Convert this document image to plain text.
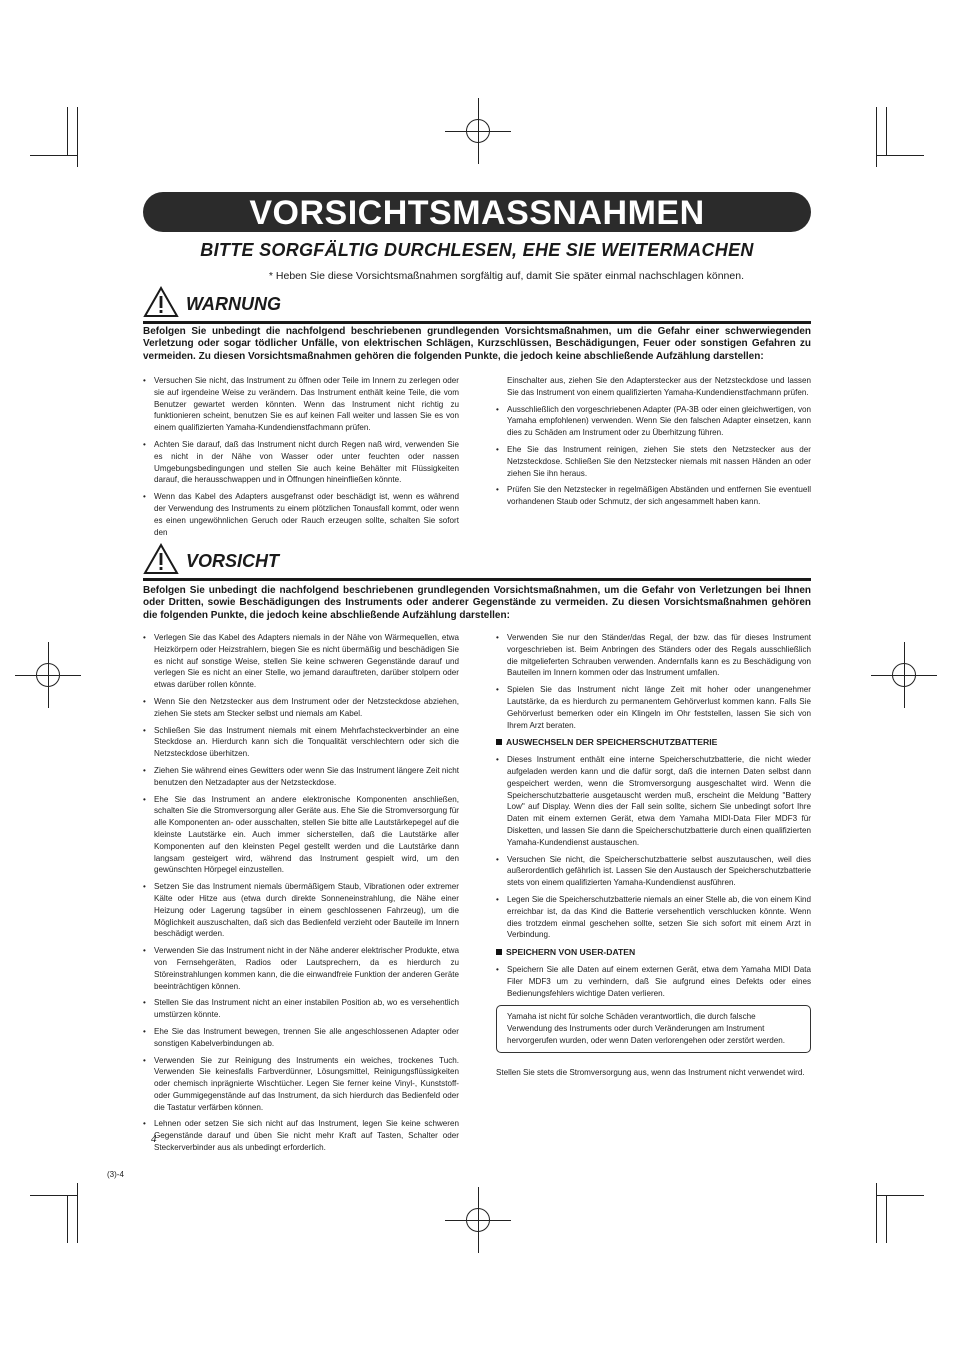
VORSICHTSMASSNAHMEN
BITTE SORGFÄLTIG DURCHLESEN, EHE SIE WEITERMACHEN
* Heben Sie diese Vorsichtsmaßnahmen sorgfältig auf, damit Sie später einmal nachschlagen können.
WARNUNG
Befolgen Sie unbedingt die nachfolgend beschriebenen grundlegenden Vorsichtsmaßnahmen, um die Gefahr einer schwerwiegenden Verletzung oder sogar tödlicher Unfälle, von elektrischen Schlägen, Kurzschlüssen, Beschädigungen, Feuer oder sonstigen Gefahren zu vermeiden. Zu diesen Vorsichtsmaßnahmen gehören die folgenden Punkte, die jedoch keine abschließende Aufzählung darstellen:
• Versuchen Sie nicht, das Instrument zu öffnen oder Teile im Innern zu zerlegen oder sie auf irgendeine Weise zu verändern. Das Instrument enthält keine Teile, die vom Benutzer gewartet werden könnten. Wenn das Instrument nicht richtig zu funktionieren scheint, benutzen Sie es auf keinen Fall weiter und lassen Sie es von einem qualifizierten Yamaha-Kundendienstfachmann prüfen.
• Achten Sie darauf, daß das Instrument nicht durch Regen naß wird, verwenden Sie es nicht in der Nähe von Wasser oder unter feuchten oder nassen Umgebungsbedingungen und stellen Sie auch keine Behälter mit Flüssigkeiten darauf, die herausschwappen und in Öffnungen hineinfließen könnte.
• Wenn das Kabel des Adapters ausgefranst oder beschädigt ist, wenn es während der Verwendung des Instruments zu einem plötzlichen Tonausfall kommt, oder wenn es einen ungewöhnlichen Geruch oder Rauch erzeugen sollte, schalten Sie sofort den
Einschalter aus, ziehen Sie den Adapterstecker aus der Netzsteckdose und lassen Sie das Instrument von einem qualifizierten Yamaha-Kundendienstfachmann prüfen.
• Ausschließlich den vorgeschriebenen Adapter (PA-3B oder einen gleichwertigen, von Yamaha empfohlenen) verwenden. Wenn Sie den falschen Adapter einsetzen, kann dies zu Schäden am Instrument oder zu Überhitzung führen.
• Ehe Sie das Instrument reinigen, ziehen Sie stets den Netzstecker aus der Netzsteckdose. Schließen Sie den Netzstecker niemals mit nassen Händen an oder ziehen Sie ihn heraus.
• Prüfen Sie den Netzstecker in regelmäßigen Abständen und entfernen Sie eventuell vorhandenen Staub oder Schmutz, der sich angesammelt haben kann.
VORSICHT
Befolgen Sie unbedingt die nachfolgend beschriebenen grundlegenden Vorsichtsmaßnahmen, um die Gefahr von Verletzungen bei Ihnen oder Dritten, sowie Beschädigungen des Instruments oder anderer Gegenstände zu vermeiden. Zu diesen Vorsichtsmaßnahmen gehören die folgenden Punkte, die jedoch keine abschließende Aufzählung darstellen:
• Verlegen Sie das Kabel des Adapters niemals in der Nähe von Wärmequellen, etwa Heizkörpern oder Heizstrahlern, biegen Sie es nicht übermäßig und beschädigen Sie es nicht auf sonstige Weise, stellen Sie keine schweren Gegenstände darauf und verlegen Sie es nicht an einer Stelle, wo jemand darauftreten, darüber stolpern oder etwas darüber rollen könnte.
• Wenn Sie den Netzstecker aus dem Instrument oder der Netzsteckdose abziehen, ziehen Sie stets am Stecker selbst und niemals am Kabel.
• Schließen Sie das Instrument niemals mit einem Mehrfachsteckverbinder an eine Steckdose an. Hierdurch kann sich die Tonqualität verschlechtern oder sich die Netzsteckdose überhitzen.
• Ziehen Sie während eines Gewitters oder wenn Sie das Instrument längere Zeit nicht benutzen den Netzadapter aus der Netzsteckdose.
• Ehe Sie das Instrument an andere elektronische Komponenten anschließen, schalten Sie die Stromversorgung aller Geräte aus. Ehe Sie die Stromversorgung für alle Komponenten an- oder ausschalten, stellen Sie bitte alle Lautstärkepegel auf die kleinste Lautstärke ein. Auch immer sicherstellen, daß die Lautstärke aller Komponenten auf den kleinsten Pegel gestellt werden und die Lautstärke dann langsam gesteigert wird, während das Instrument gespielt wird, um den gewünschten Hörpegel einzustellen.
• Setzen Sie das Instrument niemals übermäßigem Staub, Vibrationen oder extremer Kälte oder Hitze aus (etwa durch direkte Sonneneinstrahlung, die Nähe einer Heizung oder Lagerung tagsüber in einem geschlossenen Fahrzeug), um die Möglichkeit auszuschalten, daß sich das Bedienfeld verzieht oder Bauteile im Innern beschädigt werden.
• Verwenden Sie das Instrument nicht in der Nähe anderer elektrischer Produkte, etwa von Fernsehgeräten, Radios oder Lautsprechern, da es hierdurch zu Störeinstrahlungen kommen kann, die die einwandfreie Funktion der anderen Geräte beeinträchtigen können.
• Stellen Sie das Instrument nicht an einer instabilen Position ab, wo es versehentlich umstürzen könnte.
• Ehe Sie das Instrument bewegen, trennen Sie alle angeschlossenen Adapter oder sonstigen Kabelverbindungen ab.
• Verwenden Sie zur Reinigung des Instruments ein weiches, trockenes Tuch. Verwenden Sie keinesfalls Farbverdünner, Lösungsmittel, Reinigungsflüssigkeiten oder chemisch inprägnierte Wischtücher. Legen Sie ferner keine Vinyl-, Kunststoff- oder Gummigegenstände auf das Instrument, da sich hierdurch das Bedienfeld oder die Tastatur verfärben können.
• Lehnen oder setzen Sie sich nicht auf das Instrument, legen Sie keine schweren Gegenstände darauf und üben Sie nicht mehr Kraft auf Tasten, Schalter oder Steckerverbinder aus als unbedingt erforderlich.
• Verwenden Sie nur den Ständer/das Regal, der bzw. das für dieses Instrument vorgeschrieben ist. Beim Anbringen des Ständers oder des Regals ausschließlich die mitgelieferten Schrauben verwenden. Andernfalls kann es zu Beschädigung von Bauteilen im Innern kommen oder das Instrument umfallen.
• Spielen Sie das Instrument nicht länge Zeit mit hoher oder unangenehmer Lautstärke, da es hierdurch zu permanentem Gehörverlust kommen kann. Falls Sie Gehörverlust bemerken oder ein Klingeln im Ohr feststellen, lassen Sie sich von Ihrem Arzt beraten.
AUSWECHSELN DER SPEICHERSCHUTZBATTERIE
• Dieses Instrument enthält eine interne Speicherschutzbatterie, die nicht wieder aufgeladen werden kann und die dafür sorgt, daß die internen Daten selbst dann gespeichert werden, wenn die Stromversorgung ausgeschaltet wird. Wenn die Speicherschutzbatterie ausgetauscht werden muß, erscheint die Meldung "Battery Low" auf Display. Wenn dies der Fall sein sollte, sichern Sie unbedingt sofort Ihre Daten mit einem externen Gerät, etwa dem Yamaha MIDI-Data Filer MDF3 für Disketten, und lassen Sie dann die Speicherschutzbatterie durch einen qualifizierten Yamaha-Kundendienst austauschen.
• Versuchen Sie nicht, die Speicherschutzbatterie selbst auszutauschen, weil dies außerordentlich gefährlich ist. Lassen Sie den Austausch der Speicherschutzbatterie stets von einem qualifizierten Yamaha-Kundendienst ausführen.
• Legen Sie die Speicherschutzbatterie niemals an einer Stelle ab, die von einem Kind erreichbar ist, da das Kind die Batterie versehentlich verschlucken könnte. Wenn dies trotzdem einmal geschehen sollte, setzen Sie sich sofort mit einem Arzt in Verbindung.
SPEICHERN VON USER-DATEN
• Speichern Sie alle Daten auf einem externen Gerät, etwa dem Yamaha MIDI Data Filer MDF3 um zu verhindern, daß Sie aufgrund eines Defekts oder eines Bedienungsfehlers wichtige Daten verlieren.
Yamaha ist nicht für solche Schäden verantwortlich, die durch falsche Verwendung des Instruments oder durch Veränderungen am Instrument hervorgerufen wurden, oder wenn Daten verlorengehen oder zerstört werden.
Stellen Sie stets die Stromversorgung aus, wenn das Instrument nicht verwendet wird.
4
(3)-4
